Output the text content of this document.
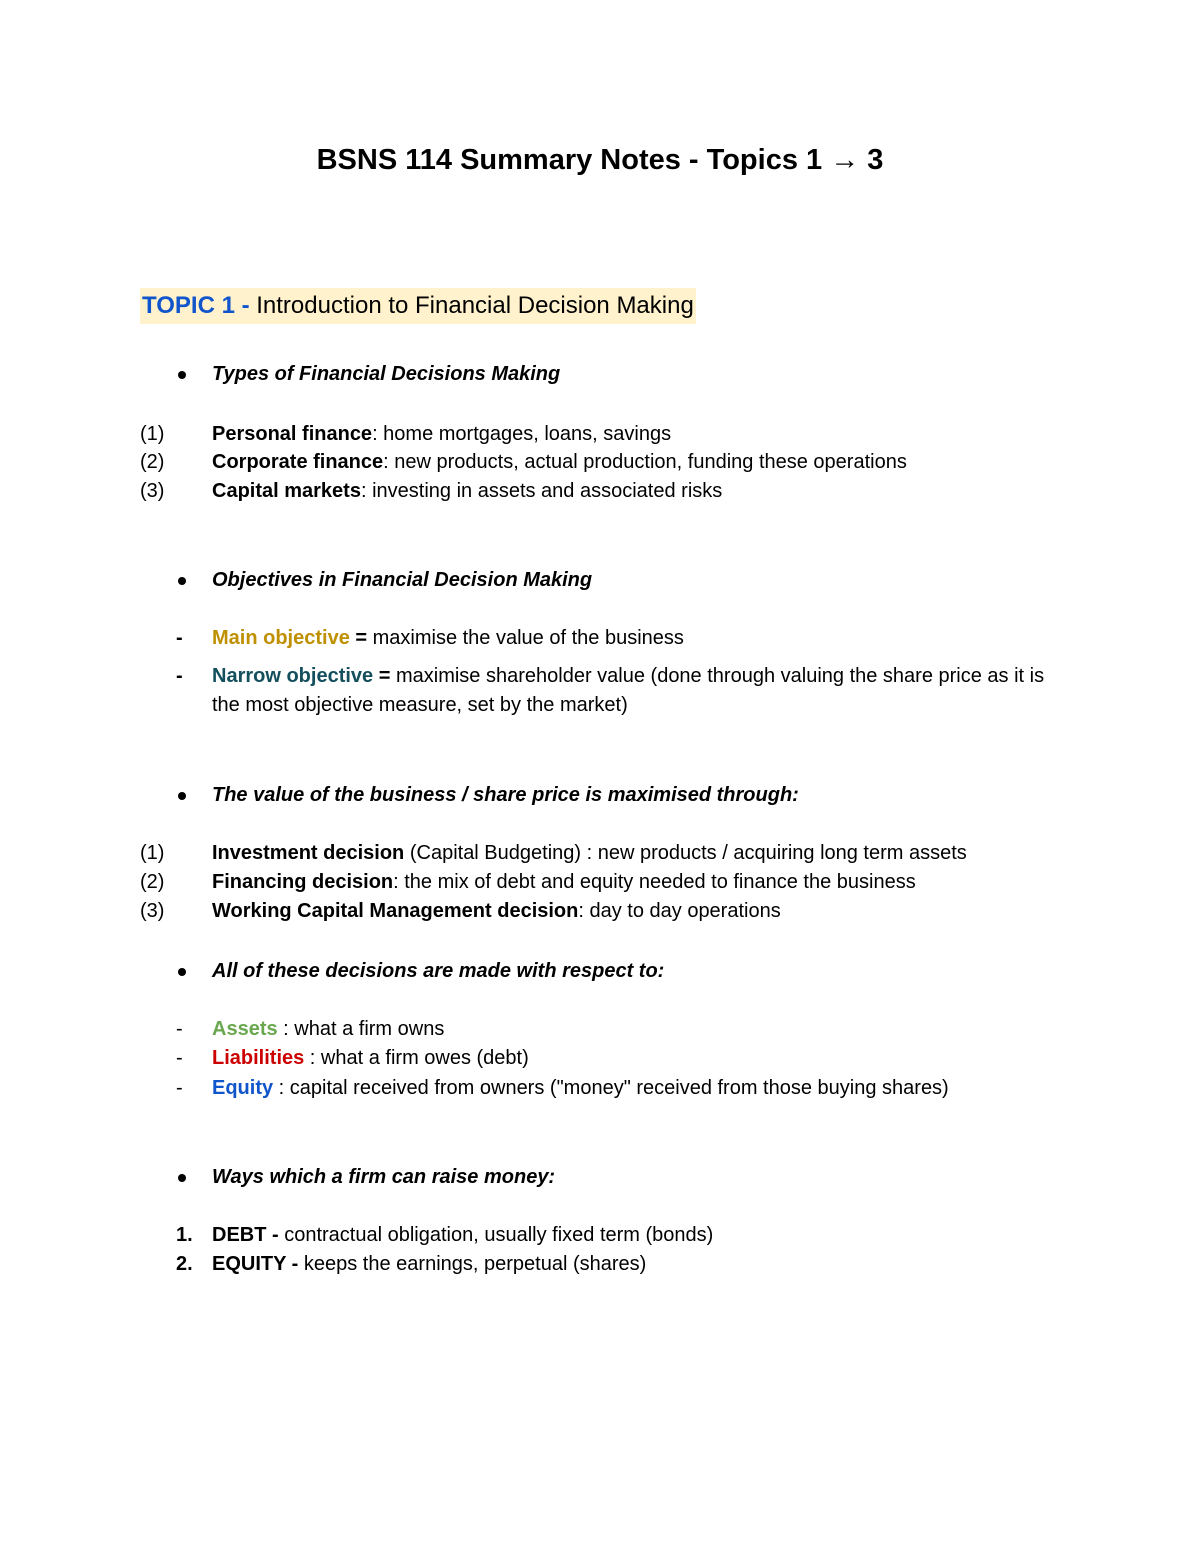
BSNS 114 Summary Notes - Topics 1 → 3
TOPIC 1 - Introduction to Financial Decision Making
Types of Financial Decisions Making
(1) Personal finance: home mortgages, loans, savings
(2) Corporate finance: new products, actual production, funding these operations
(3) Capital markets: investing in assets and associated risks
Objectives in Financial Decision Making
- Main objective = maximise the value of the business
- Narrow objective = maximise shareholder value (done through valuing the share price as it is the most objective measure, set by the market)
The value of the business / share price is maximised through:
(1) Investment decision (Capital Budgeting) : new products / acquiring long term assets
(2) Financing decision: the mix of debt and equity needed to finance the business
(3) Working Capital Management decision: day to day operations
All of these decisions are made with respect to:
- Assets : what a firm owns
- Liabilities : what a firm owes (debt)
- Equity : capital received from owners ("money" received from those buying shares)
Ways which a firm can raise money:
1. DEBT - contractual obligation, usually fixed term (bonds)
2. EQUITY - keeps the earnings, perpetual (shares)
